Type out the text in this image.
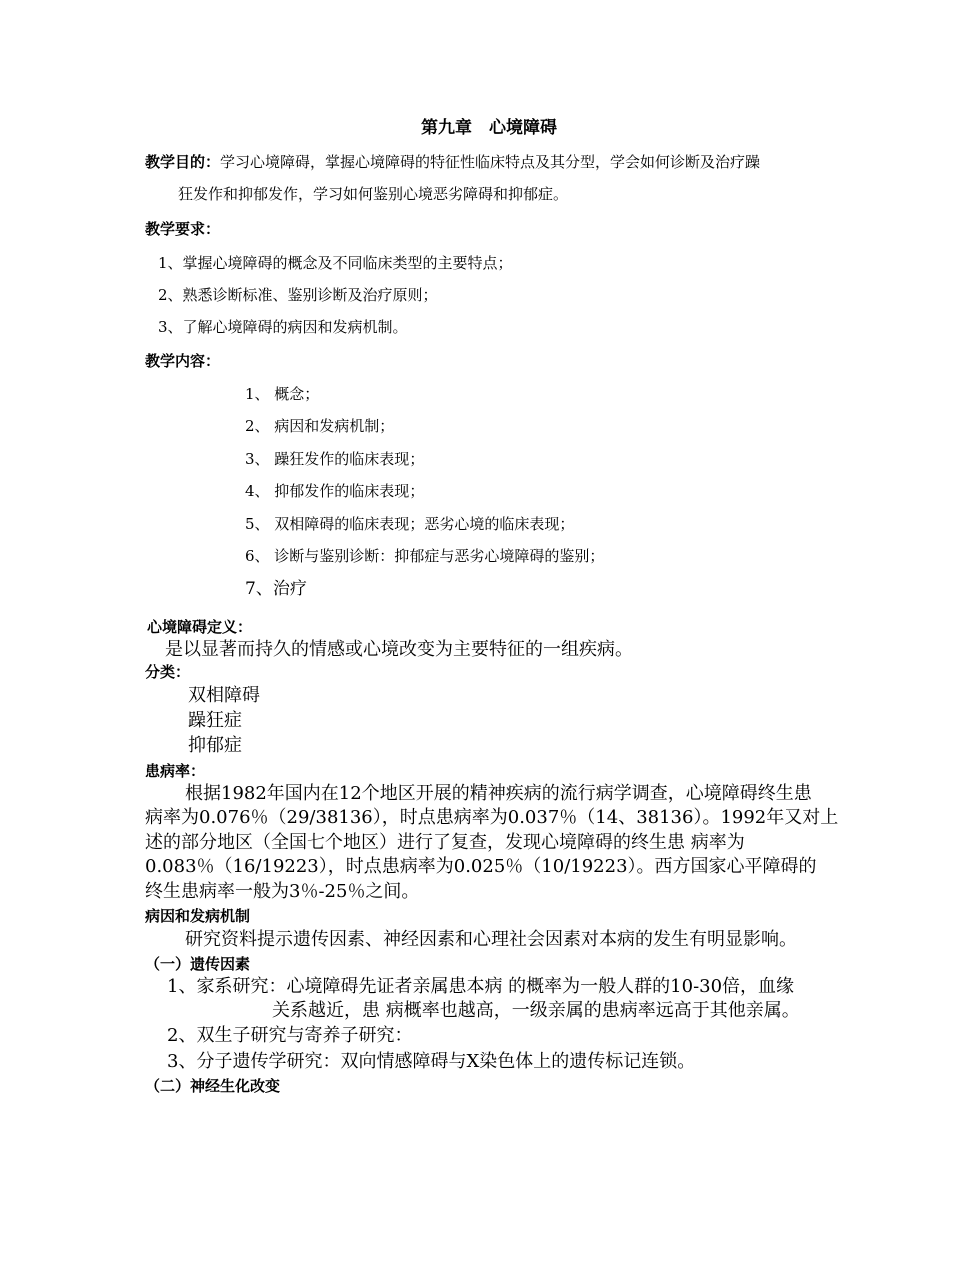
第九章　心境障碍
教学目的：学习心境障碍，掌握心境障碍的特征性临床特点及其分型，学会如何诊断及治疗躁
狂发作和抑郁发作，学习如何鉴别心境恶劣障碍和抑郁症。
教学要求：
1、掌握心境障碍的概念及不同临床类型的主要特点；
2、熟悉诊断标准、鉴别诊断及治疗原则；
3、了解心境障碍的病因和发病机制。
教学内容：
1、 概念；
2、 病因和发病机制；
3、 躁狂发作的临床表现；
4、 抑郁发作的临床表现；
5、 双相障碍的临床表现；恶劣心境的临床表现；
6、 诊断与鉴别诊断：抑郁症与恶劣心境障碍的鉴别；
7、治疗
心境障碍定义：
是以显著而持久的情感或心境改变为主要特征的一组疾病。
分类：
双相障碍
躁狂症
抑郁症
患病率：
根据1982年国内在12个地区开展的精神疾病的流行病学调查，心境障碍终生患
病率为0.076％（29/38136），时点患病率为0.037％（14、38136）。1992年又对上
述的部分地区（全国七个地区）进行了复查，发现心境障碍的终生患 病率为
0.083％（16/19223），时点患病率为0.025％（10/19223）。西方国家心平障碍的
终生患病率一般为3％-25％之间。
病因和发病机制
研究资料提示遗传因素、神经因素和心理社会因素对本病的发生有明显影响。
（一）遗传因素
1、家系研究：心境障碍先证者亲属患本病 的概率为一般人群的10-30倍，血缘
关系越近，患 病概率也越高，一级亲属的患病率远高于其他亲属。
2、双生子研究与寄养子研究：
3、分子遗传学研究：双向情感障碍与X染色体上的遗传标记连锁。
（二）神经生化改变
